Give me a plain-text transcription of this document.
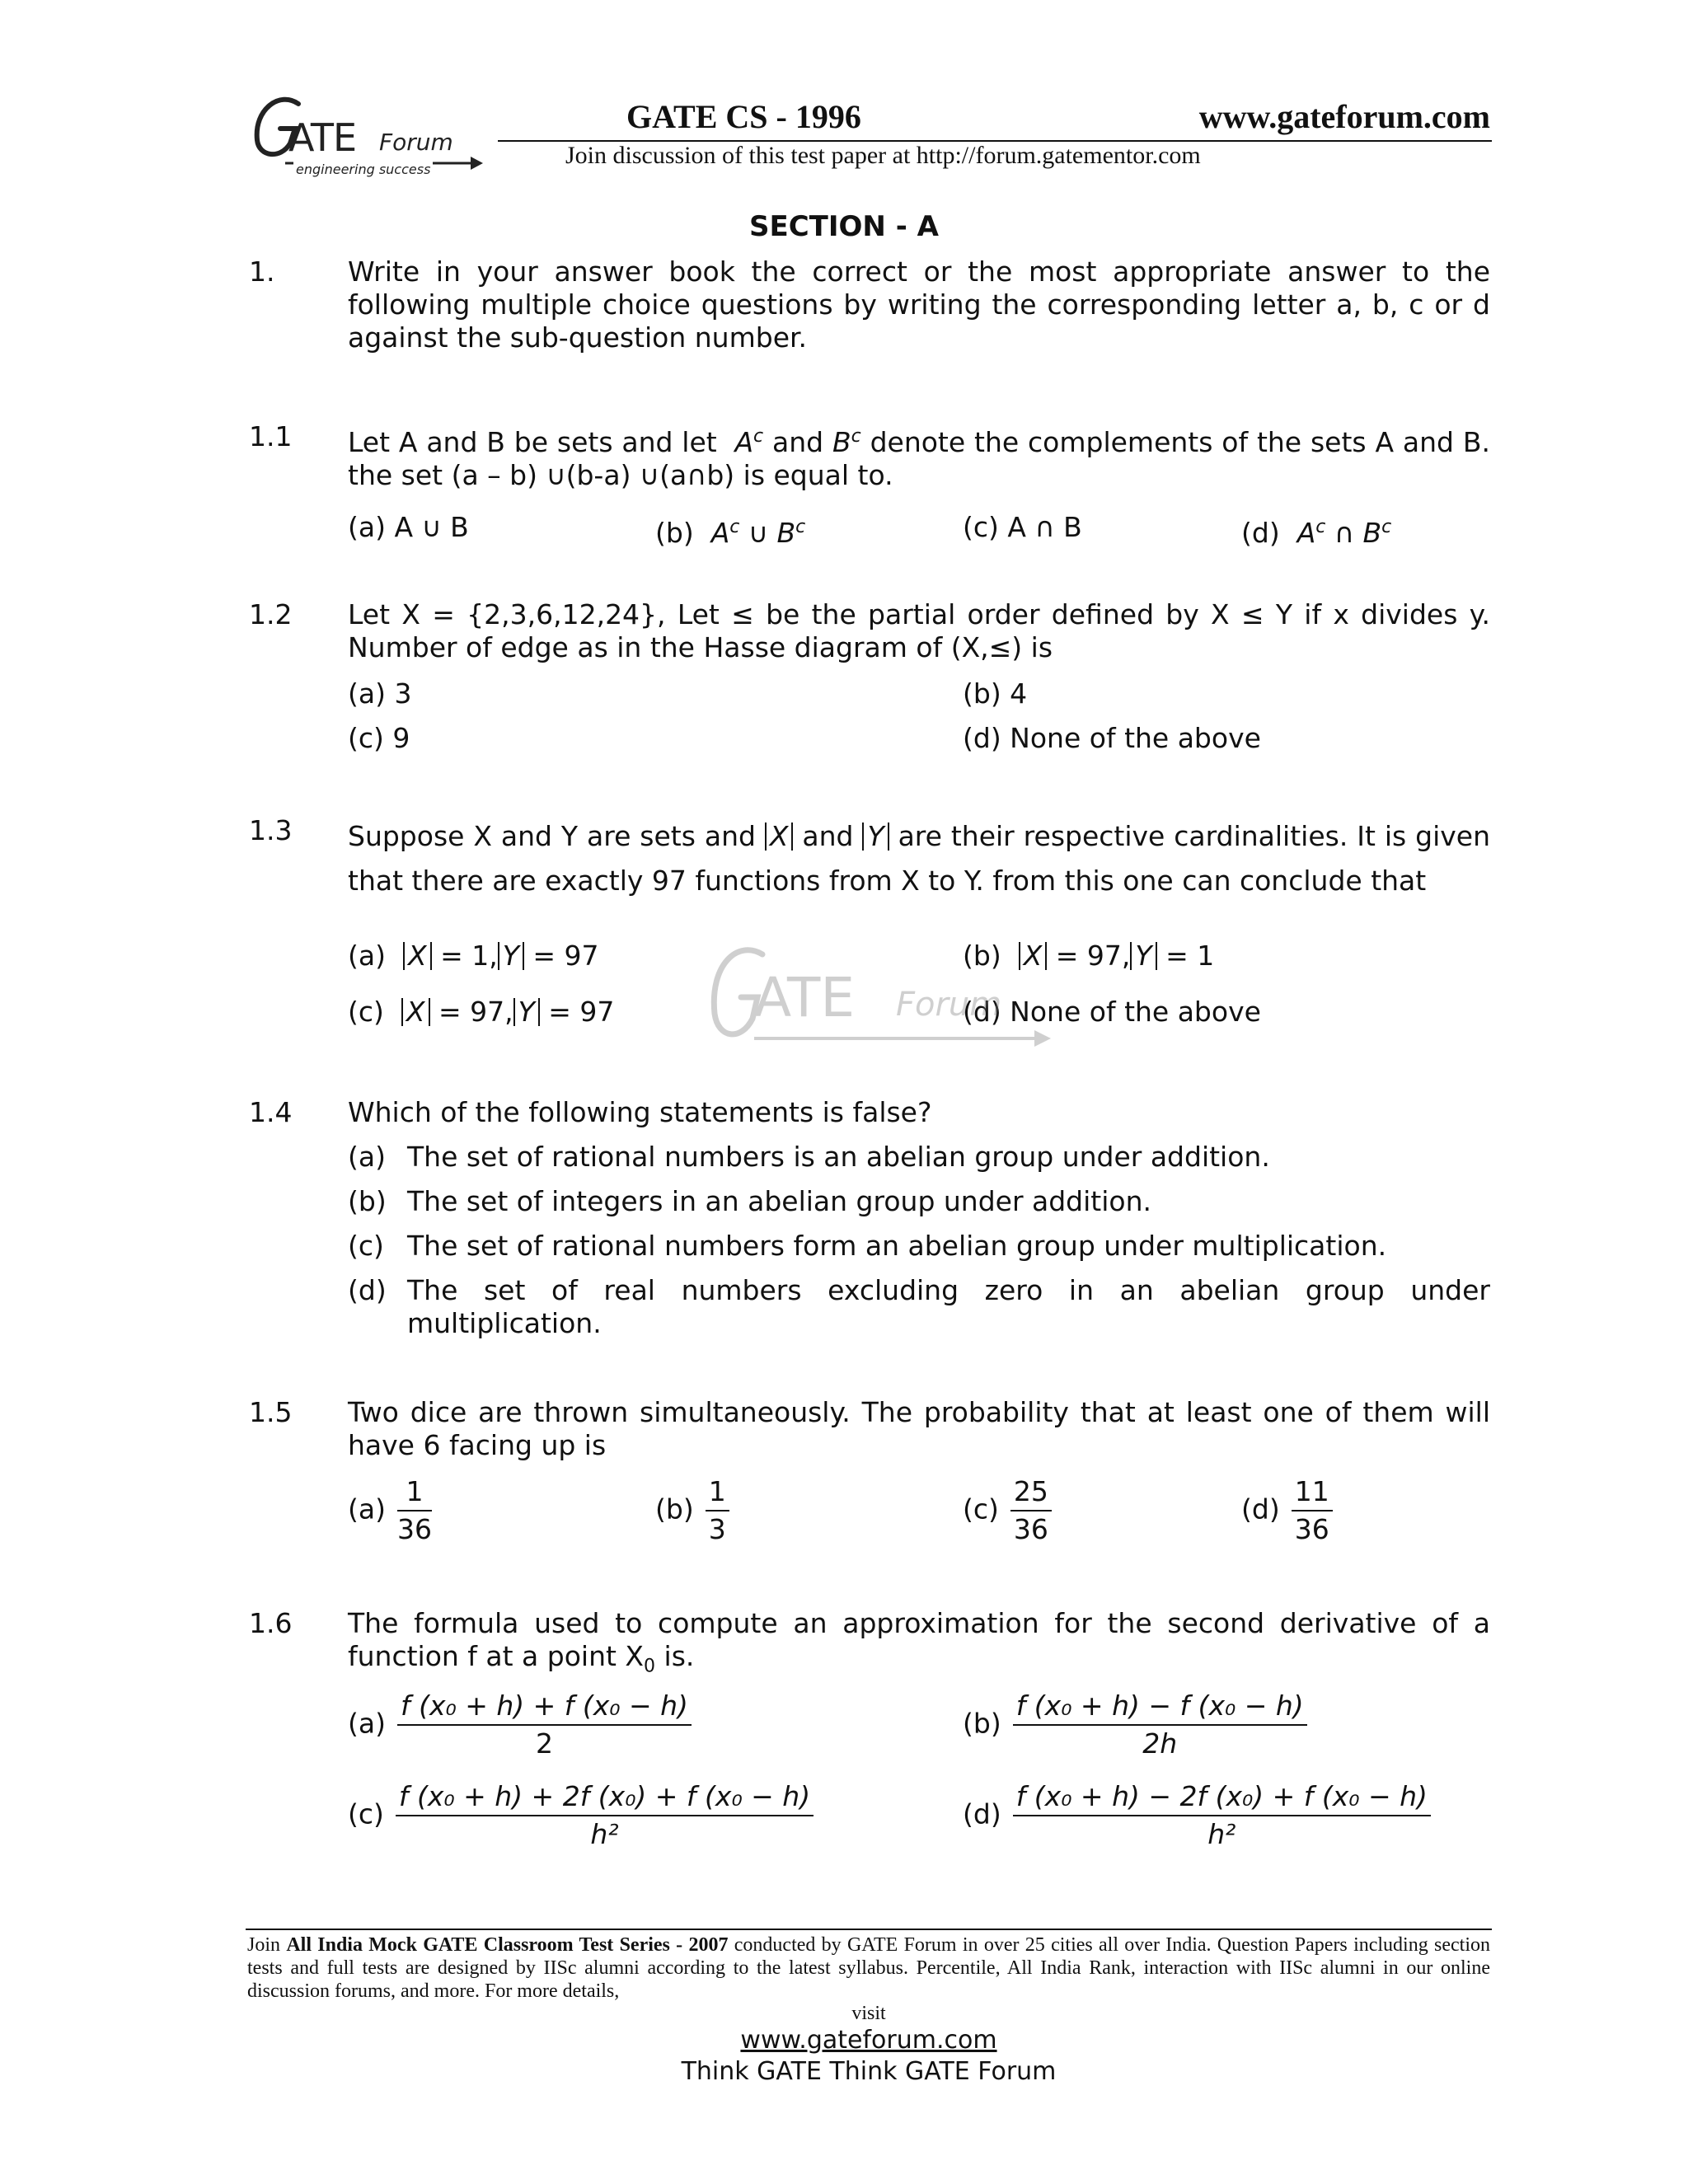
ATE Forum
engineering success
GATE CS - 1996	www.gateforum.com
Join discussion of this test paper at http://forum.gatementor.com
SECTION - A
1.	Write in your answer book the correct or the most appropriate answer to the following multiple choice questions by writing the corresponding letter a, b, c or d against the sub-question number.
1.1 Let A and B be sets and let  $A^c$ and $B^c$ denote the complements of the sets A and B. the set (a – b) ∪(b-a) ∪(a∩b) is equal to.
(a) A ∪ B	(b) $A^c$ ∪ $B^c$	(c) A ∩ B	(d) $A^c$ ∩ $B^c$
1.2 Let X = {2,3,6,12,24}, Let ≤ be the partial order defined by X ≤ Y if x divides y. Number of edge as in the Hasse diagram of (X,≤) is
(a) 3	(b) 4
(c) 9	(d) None of the above
1.3 Suppose X and Y are sets and X and Y are their respective cardinalities. It is given that there are exactly 97 functions from X to Y. from this one can conclude that
(a) X = 1, Y = 97	(b) X = 97, Y = 1
(c) X = 97, Y = 97	(d) None of the above
ATE Forum
1.4 Which of the following statements is false?
(a) The set of rational numbers is an abelian group under addition.
(b) The set of integers in an abelian group under addition.
(c) The set of rational numbers form an abelian group under multiplication.
(d) The set of real numbers excluding zero in an abelian group under multiplication.
1.5 Two dice are thrown simultaneously. The probability that at least one of them will have 6 facing up is
$(a) \frac{1}{36}$	$(b) \frac{1}{3}$	$(c) \frac{25}{36}$	$(d) \frac{11}{36}$
1.6 The formula used to compute an approximation for the second derivative of a function f at a point $X_0$ is.
$(a) \frac{\text{f (x₀ + h) + f (x₀ − h)}}{2}$	$(b) \frac{\text{f (x₀ + h) − f (x₀ − h)}}{2h}$
$(c) \frac{\text{f (x₀ + h) + 2f (x₀) + f (x₀ − h)}}{\text{h²}}$	$(d) \frac{\text{f (x₀ + h) − 2f (x₀) + f (x₀ − h)}}{\text{h²}}$
Join All India Mock GATE Classroom Test Series - 2007 conducted by GATE Forum in over 25 cities all over India. Question Papers including section tests and full tests are designed by IISc alumni according to the latest syllabus. Percentile, All India Rank, interaction with IISc alumni in our online discussion forums, and more. For more details,
visit
www.gateforum.com
Think GATE Think GATE Forum
